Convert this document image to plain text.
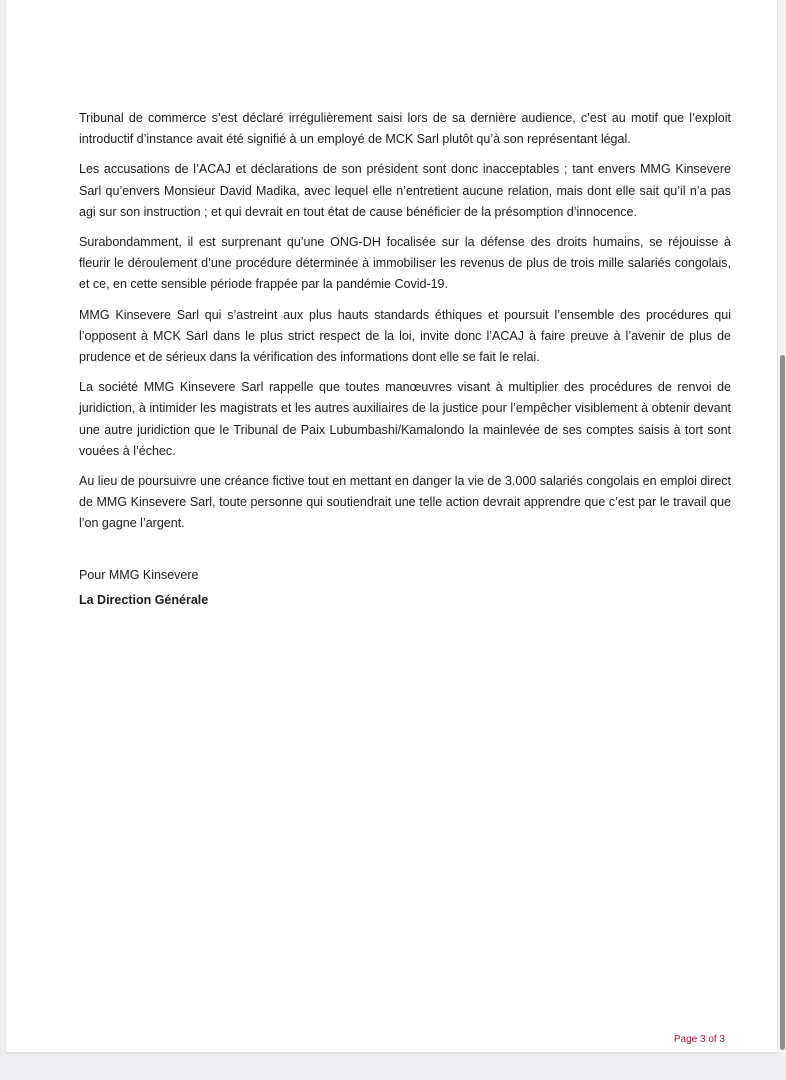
Tribunal de commerce s’est déclaré irrégulièrement saisi lors de sa dernière audience, c’est au motif que l’exploit introductif d’instance avait été signifié à un employé de MCK Sarl plutôt qu’à son représentant légal.

Les accusations de l’ACAJ et déclarations de son président sont donc inacceptables ; tant envers MMG Kinsevere Sarl qu’envers Monsieur David Madika, avec lequel elle n’entretient aucune relation, mais dont elle sait qu’il n’a pas agi sur son instruction ; et qui devrait en tout état de cause bénéficier de la présomption d’innocence.

Surabondamment, il est surprenant qu’une ONG-DH focalisée sur la défense des droits humains, se réjouisse à fleurir le déroulement d’une procédure déterminée à immobiliser les revenus de plus de trois mille salariés congolais, et ce, en cette sensible période frappée par la pandémie Covid-19.

MMG Kinsevere Sarl qui s’astreint aux plus hauts standards éthiques et poursuit l’ensemble des procédures qui l’opposent à MCK Sarl dans le plus strict respect de la loi, invite donc l’ACAJ à faire preuve à l’avenir de plus de prudence et de sérieux dans la vérification des informations dont elle se fait le relai.

La société MMG Kinsevere Sarl rappelle que toutes manœuvres visant à multiplier des procédures de renvoi de juridiction, à intimider les magistrats et les autres auxiliaires de la justice pour l’empêcher visiblement à obtenir devant une autre juridiction que le Tribunal de Paix Lubumbashi/Kamalondo la mainlevée de ses comptes saisis à tort sont vouées à l’échec.

Au lieu de poursuivre une créance fictive tout en mettant en danger la vie de 3.000 salariés congolais en emploi direct de MMG Kinsevere Sarl, toute personne qui soutiendrait une telle action devrait apprendre que c’est par le travail que l’on gagne l’argent.

Pour MMG Kinsevere
La Direction Générale
Page 3 of 3
